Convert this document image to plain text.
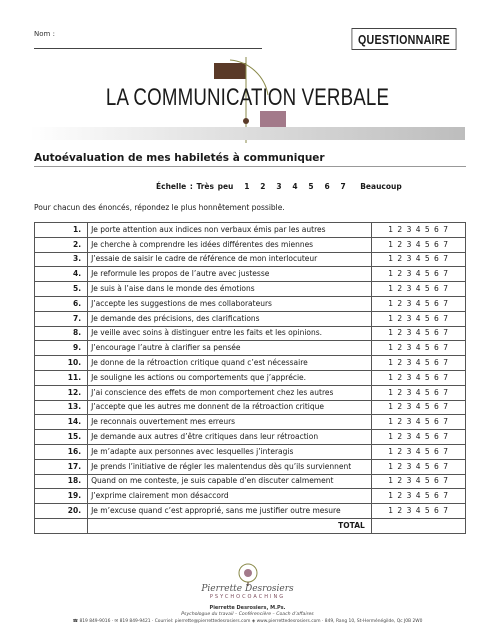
Nom :	QUESTIONNAIRE
LA COMMUNICATION VERBALE
Autoévaluation de mes habiletés à communiquer
Échelle : Très peu   1   2   3   4   5   6   7    Beaucoup
Pour chacun des énoncés, répondez le plus honnêtement possible.
1.	Je porte attention aux indices non verbaux émis par les autres	1 2 3 4 5 6 7
2.	Je cherche à comprendre les idées différentes des miennes	1 2 3 4 5 6 7
3.	J’essaie de saisir le cadre de référence de mon interlocuteur	1 2 3 4 5 6 7
4.	Je reformule les propos de l’autre avec justesse	1 2 3 4 5 6 7
5.	Je suis à l’aise dans le monde des émotions	1 2 3 4 5 6 7
6.	J’accepte les suggestions de mes collaborateurs	1 2 3 4 5 6 7
7.	Je demande des précisions, des clarifications	1 2 3 4 5 6 7
8.	Je veille avec soins à distinguer entre les faits et les opinions.	1 2 3 4 5 6 7
9.	J’encourage l’autre à clarifier sa pensée	1 2 3 4 5 6 7
10.	Je donne de la rétroaction critique quand c’est nécessaire	1 2 3 4 5 6 7
11.	Je souligne les actions ou comportements que j’apprécie.	1 2 3 4 5 6 7
12.	J’ai conscience des effets de mon comportement chez les autres	1 2 3 4 5 6 7
13.	J’accepte que les autres me donnent de la rétroaction critique	1 2 3 4 5 6 7
14.	Je reconnais ouvertement mes erreurs	1 2 3 4 5 6 7
15.	Je demande aux autres d’être critiques dans leur rétroaction	1 2 3 4 5 6 7
16.	Je m’adapte aux personnes avec lesquelles j’interagis	1 2 3 4 5 6 7
17.	Je prends l’initiative de régler les malentendus dès qu’ils surviennent	1 2 3 4 5 6 7
18.	Quand on me conteste, je suis capable d’en discuter calmement	1 2 3 4 5 6 7
19.	J’exprime clairement mon désaccord	1 2 3 4 5 6 7
20.	Je m’excuse quand c’est approprié, sans me justifier outre mesure	1 2 3 4 5 6 7
	TOTAL	
Pierrette Desrosiers
PSYCHOCOACHING
Pierrette Desrosiers, M.Ps.
Psychologue du travail – Conférencière – Coach d’affaires
☎ 819 849-9016 · ✉ 819 849-9421 · Courriel: pierrette@pierrettedesrosiers.com ◈ www.pierrettedesrosiers.com · 849, Rang 10, St-Herménégilde, Qc J0B 2W0
